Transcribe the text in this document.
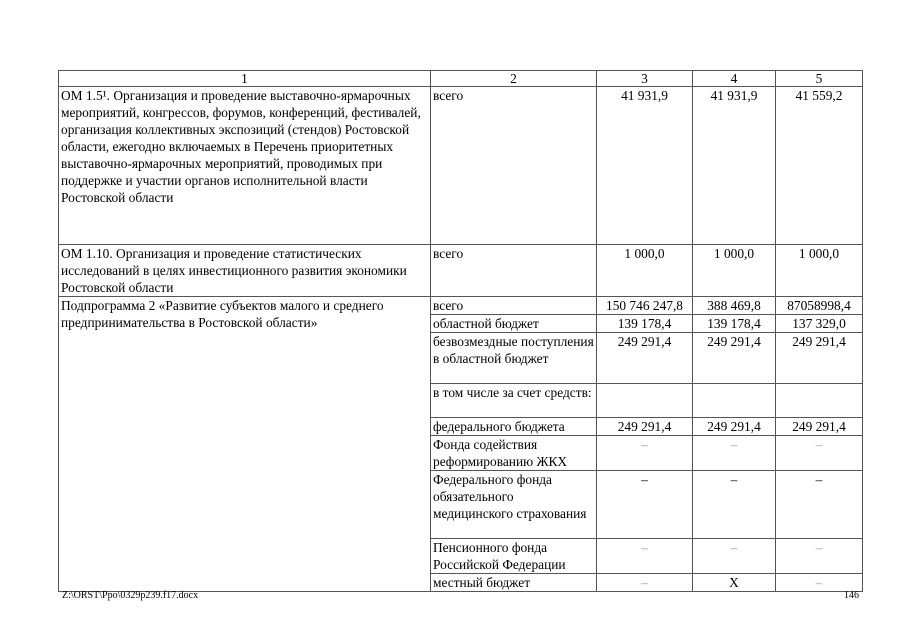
1	2	3	4	5
ОМ 1.5¹. Организация и проведение выставочно-ярмарочных мероприятий, конгрессов, форумов, конференций, фестивалей, организация коллективных экспозиций (стендов) Ростовской области, ежегодно включаемых в Перечень приоритетных выставочно-ярмарочных мероприятий, проводимых при поддержке и участии органов исполнительной власти Ростовской области	всего	41 931,9	41 931,9	41 559,2
ОМ 1.10. Организация и проведение статистических исследований в целях инвестиционного развития экономики Ростовской области	всего	1 000,0	1 000,0	1 000,0
Подпрограмма 2 «Развитие субъектов малого и среднего предпринимательства в Ростовской области»	всего	150 746 247,8	388 469,8	87058998,4
	областной бюджет	139 178,4	139 178,4	137 329,0
	безвозмездные поступления в областной бюджет	249 291,4	249 291,4	249 291,4
	в том числе за счет средств:			
	федерального бюджета	249 291,4	249 291,4	249 291,4
	Фонда содействия реформированию ЖКХ	–	–	–
	Федерального фонда обязательного медицинского страхования	–	–	–
	Пенсионного фонда Российской Федерации	–	–	–
	местный бюджет	–	Х	–
Z:\ORST\Ppo\0329p239.f17.docx	146
